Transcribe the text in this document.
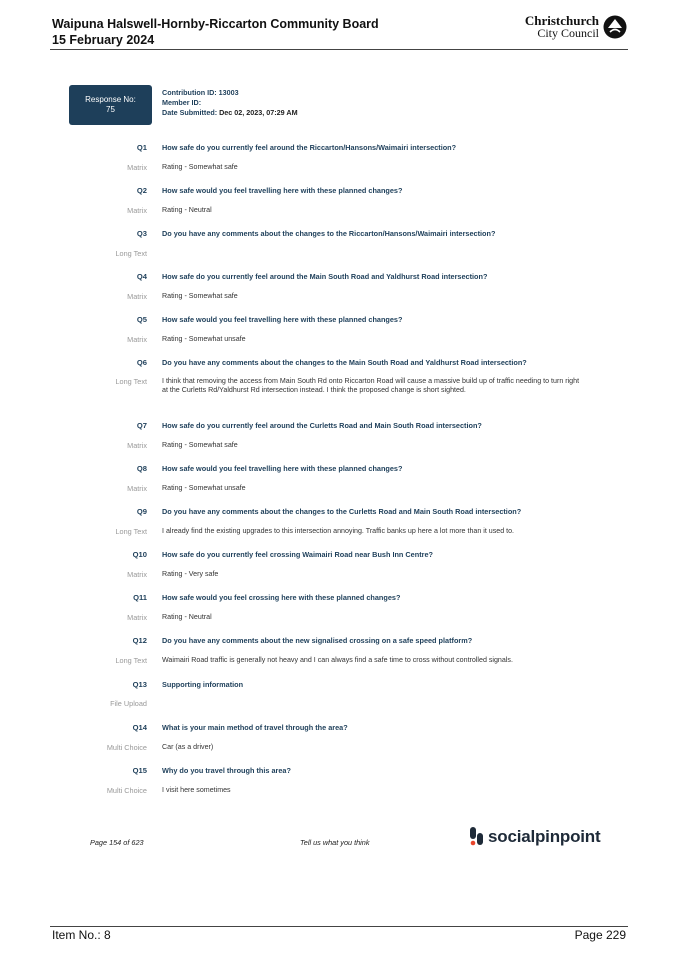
Waipuna Halswell-Hornby-Riccarton Community Board
15 February 2024
Christchurch
City Council
Response No:
75
Contribution ID: 13003
Member ID:
Date Submitted: Dec 02, 2023, 07:29 AM
Q1 How safe do you currently feel around the Riccarton/Hansons/Waimairi intersection?
Matrix Rating - Somewhat safe
Q2 How safe would you feel travelling here with these planned changes?
Matrix Rating - Neutral
Q3 Do you have any comments about the changes to the Riccarton/Hansons/Waimairi intersection?
Long Text
Q4 How safe do you currently feel around the Main South Road and Yaldhurst Road intersection?
Matrix Rating - Somewhat safe
Q5 How safe would you feel travelling here with these planned changes?
Matrix Rating - Somewhat unsafe
Q6 Do you have any comments about the changes to the Main South Road and Yaldhurst Road intersection?
Long Text I think that removing the access from Main South Rd onto Riccarton Road will cause a massive build up of traffic needing to turn right at the Curletts Rd/Yaldhurst Rd intersection instead. I think the proposed change is short sighted.
Q7 How safe do you currently feel around the Curletts Road and Main South Road intersection?
Matrix Rating - Somewhat safe
Q8 How safe would you feel travelling here with these planned changes?
Matrix Rating - Somewhat unsafe
Q9 Do you have any comments about the changes to the Curletts Road and Main South Road intersection?
Long Text I already find the existing upgrades to this intersection annoying. Traffic banks up here a lot more than it used to.
Q10 How safe do you currently feel crossing Waimairi Road near Bush Inn Centre?
Matrix Rating - Very safe
Q11 How safe would you feel crossing here with these planned changes?
Matrix Rating - Neutral
Q12 Do you have any comments about the new signalised crossing on a safe speed platform?
Long Text Waimairi Road traffic is generally not heavy and I can always find a safe time to cross without controlled signals.
Q13 Supporting information
File Upload
Q14 What is your main method of travel through the area?
Multi Choice Car (as a driver)
Q15 Why do you travel through this area?
Multi Choice I visit here sometimes
Page 154 of 623	Tell us what you think	socialpinpoint
Item No.: 8	Page 229
